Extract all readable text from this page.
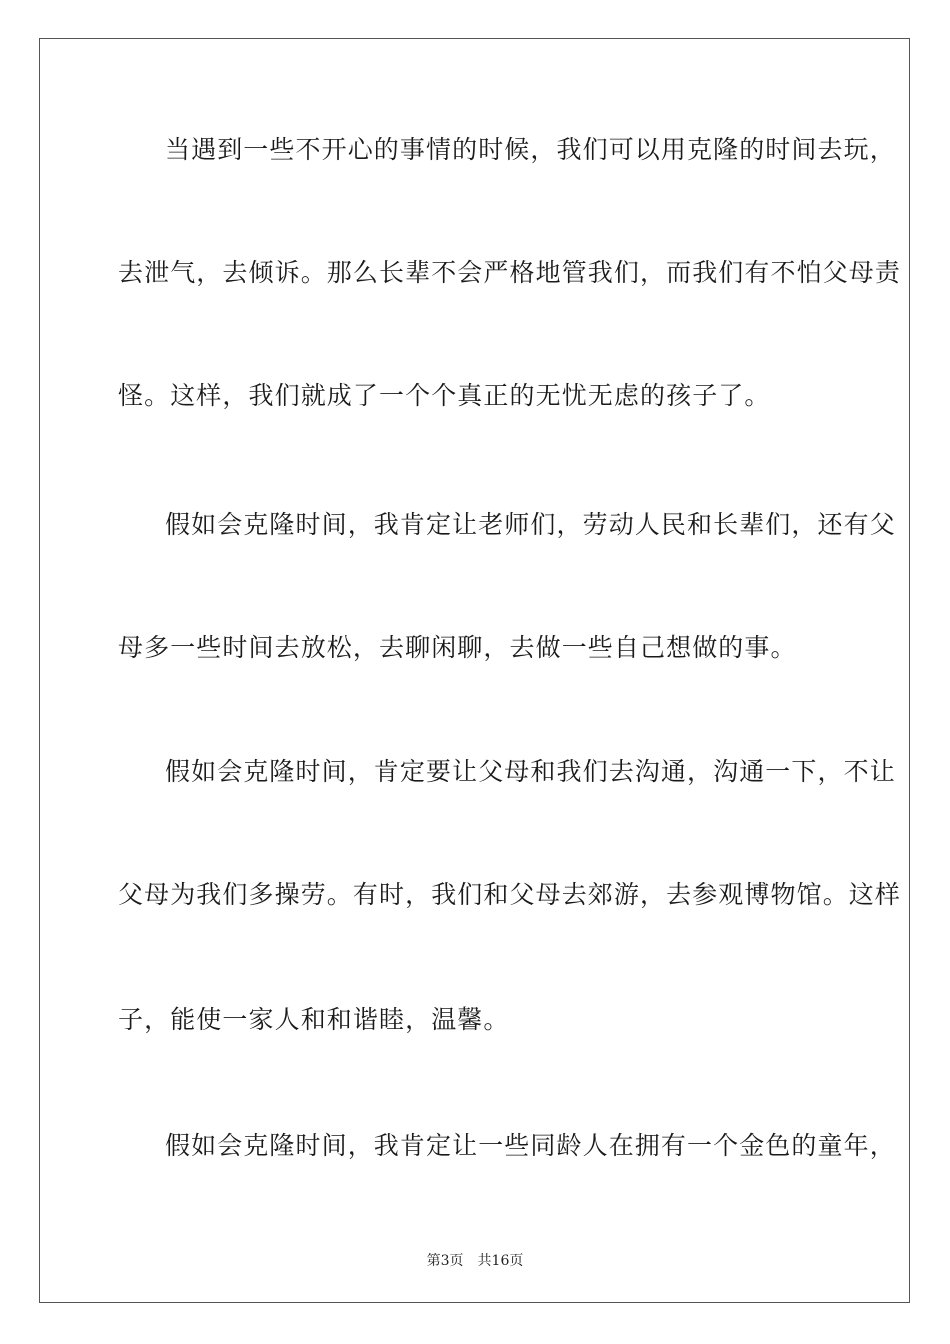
当遇到一些不开心的事情的时候，我们可以用克隆的时间去玩，
去泄气，去倾诉。那么长辈不会严格地管我们，而我们有不怕父母责
怪。这样，我们就成了一个个真正的无忧无虑的孩子了。
假如会克隆时间，我肯定让老师们，劳动人民和长辈们，还有父
母多一些时间去放松，去聊闲聊，去做一些自己想做的事。
假如会克隆时间，肯定要让父母和我们去沟通，沟通一下，不让
父母为我们多操劳。有时，我们和父母去郊游，去参观博物馆。这样
子，能使一家人和和谐睦，温馨。
假如会克隆时间，我肯定让一些同龄人在拥有一个金色的童年，
第3页 共16页
